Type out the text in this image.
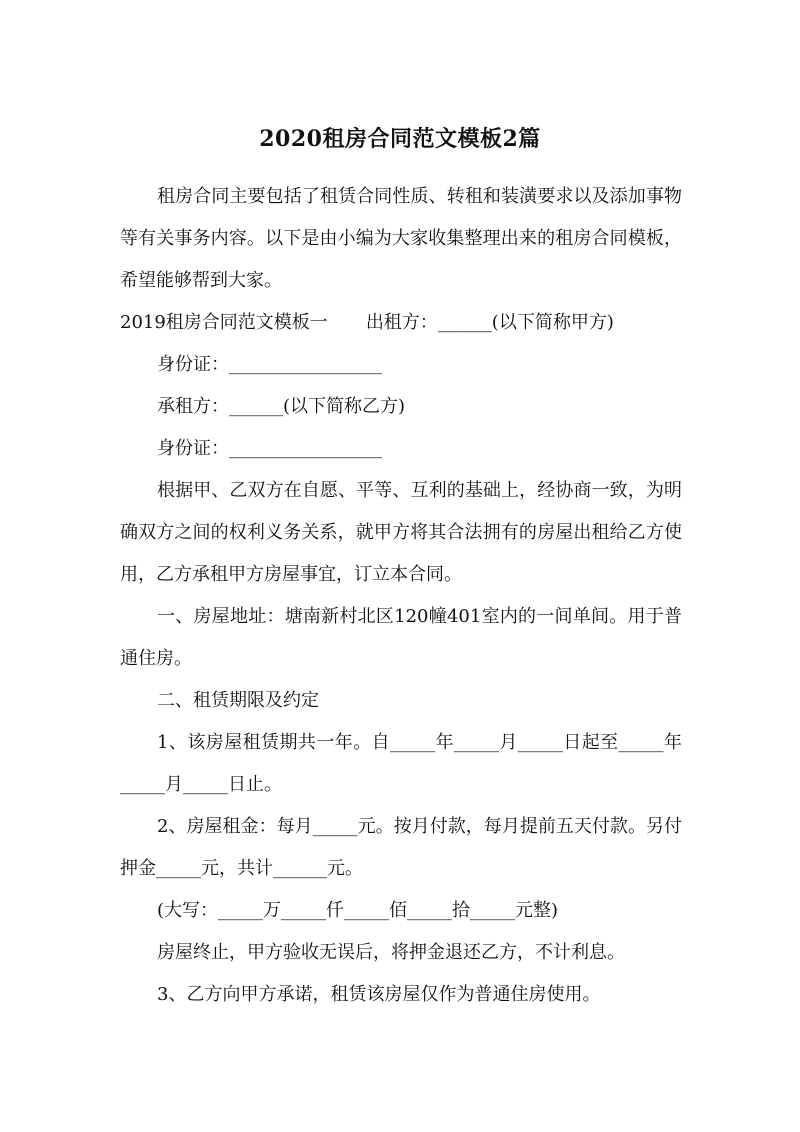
2020租房合同范文模板2篇

租房合同主要包括了租赁合同性质、转租和装潢要求以及添加事物等有关事务内容。以下是由小编为大家收集整理出来的租房合同模板，希望能够帮到大家。

2019租房合同范文模板一 出租方：______(以下简称甲方)

身份证：_________________

承租方：______(以下简称乙方)

身份证：_________________

根据甲、乙双方在自愿、平等、互利的基础上，经协商一致，为明确双方之间的权利义务关系，就甲方将其合法拥有的房屋出租给乙方使用，乙方承租甲方房屋事宜，订立本合同。

一、房屋地址：塘南新村北区120幢401室内的一间单间。用于普通住房。

二、租赁期限及约定

1、该房屋租赁期共一年。自_____年_____月_____日起至_____年_____月_____日止。

2、房屋租金：每月_____元。按月付款，每月提前五天付款。另付押金_____元，共计______元。

(大写：_____万_____仟_____佰_____拾_____元整)

房屋终止，甲方验收无误后，将押金退还乙方，不计利息。

3、乙方向甲方承诺，租赁该房屋仅作为普通住房使用。
